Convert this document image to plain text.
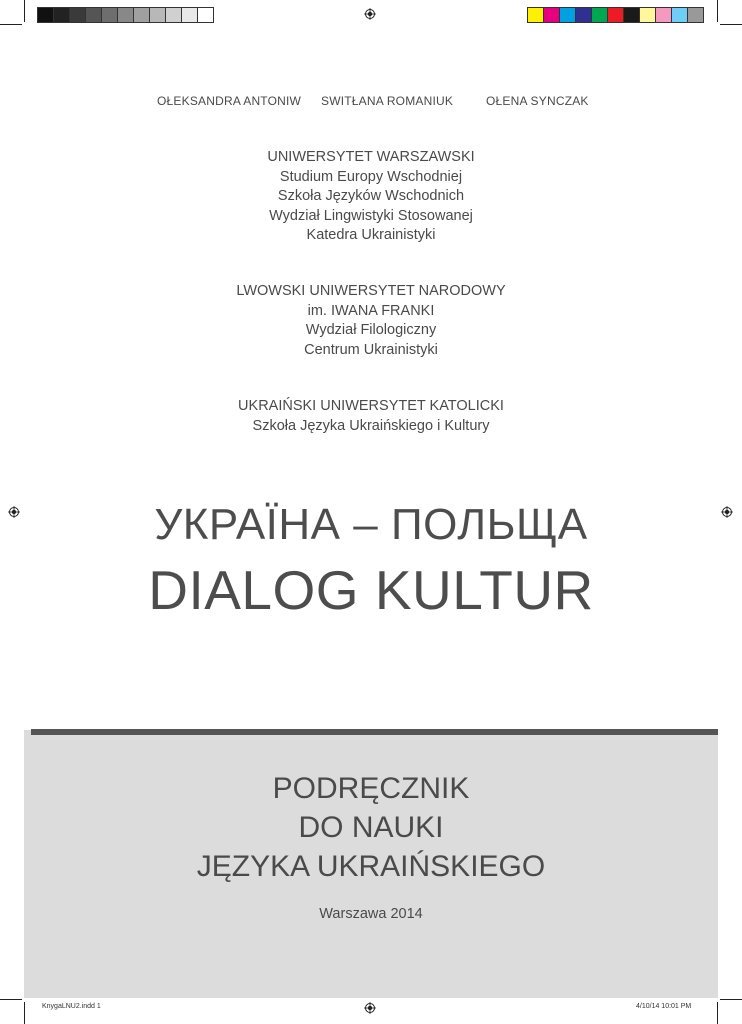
OŁEKSANDRA ANTONIW SWITŁANA ROMANIUK	OŁENA SYNCZAK
UNIWERSYTET WARSZAWSKI
Studium Europy Wschodniej
Szkoła Języków Wschodnich
Wydział Lingwistyki Stosowanej
Katedra Ukrainistyki
LWOWSKI UNIWERSYTET NARODOWY
im. IWANA FRANKI
Wydział Filologiczny
Centrum Ukrainistyki
UKRAIŃSKI UNIWERSYTET KATOLICKI
Szkoła Języka Ukraińskiego i Kultury
УКРАЇНА – ПОЛЬЩА
DIALOG KULTUR
PODRĘCZNIK
DO NAUKI
JĘZYKA UKRAIŃSKIEGO
Warszawa 2014
KnygaLNU2.indd 1	4/10/14 10:01 PM
